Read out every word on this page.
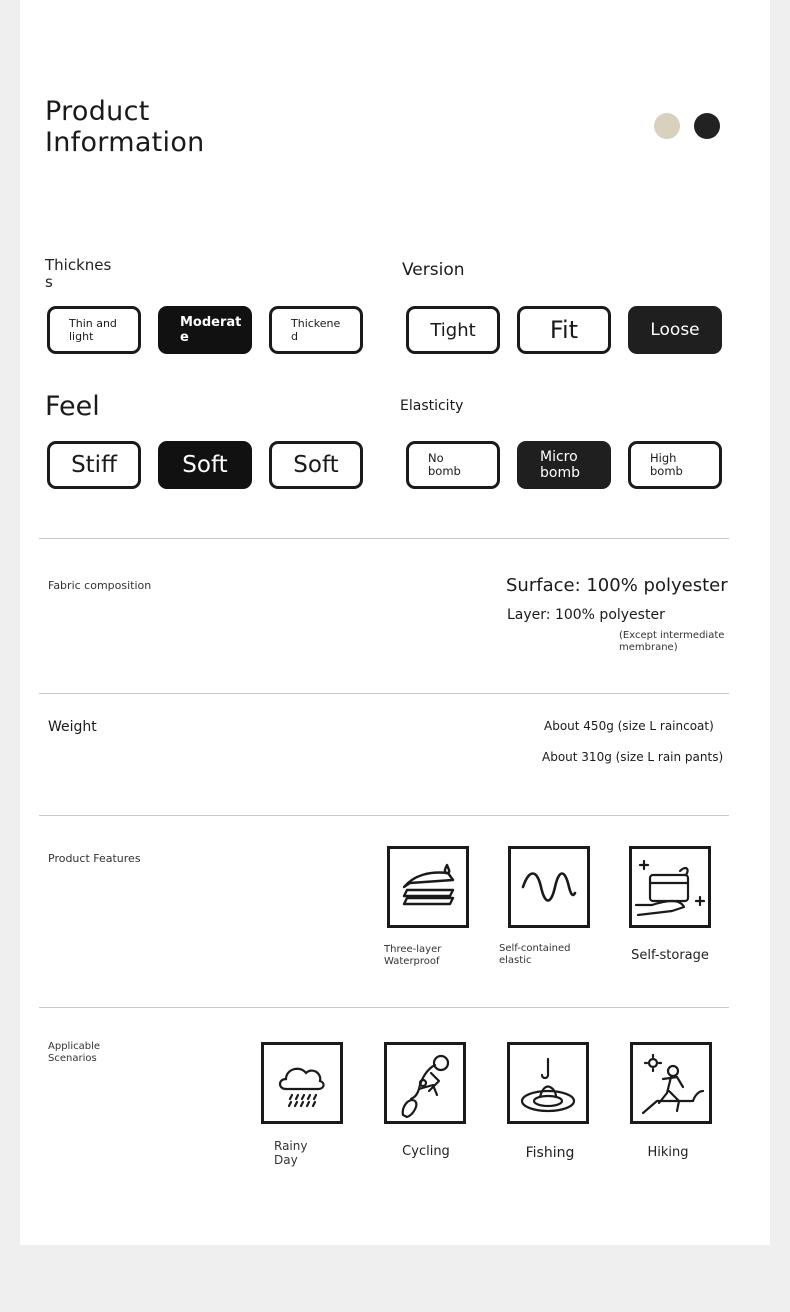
Product
Information
Thicknes
s
Thin and
light
Moderat
e
Thickene
d
Version
Tight	Fit	Loose
Feel
Stiff	Soft	Soft
Elasticity
No
bomb
Micro
bomb
High
bomb
Fabric composition	Surface: 100% polyester
Layer: 100% polyester
(Except intermediate
membrane)
Weight	About 450g (size L raincoat)
About 310g (size L rain pants)
Product Features
Three-layer
Waterproof
Self-contained
elastic	Self-storage
Applicable
Scenarios
Rainy
Day
Cycling	Fishing	Hiking
